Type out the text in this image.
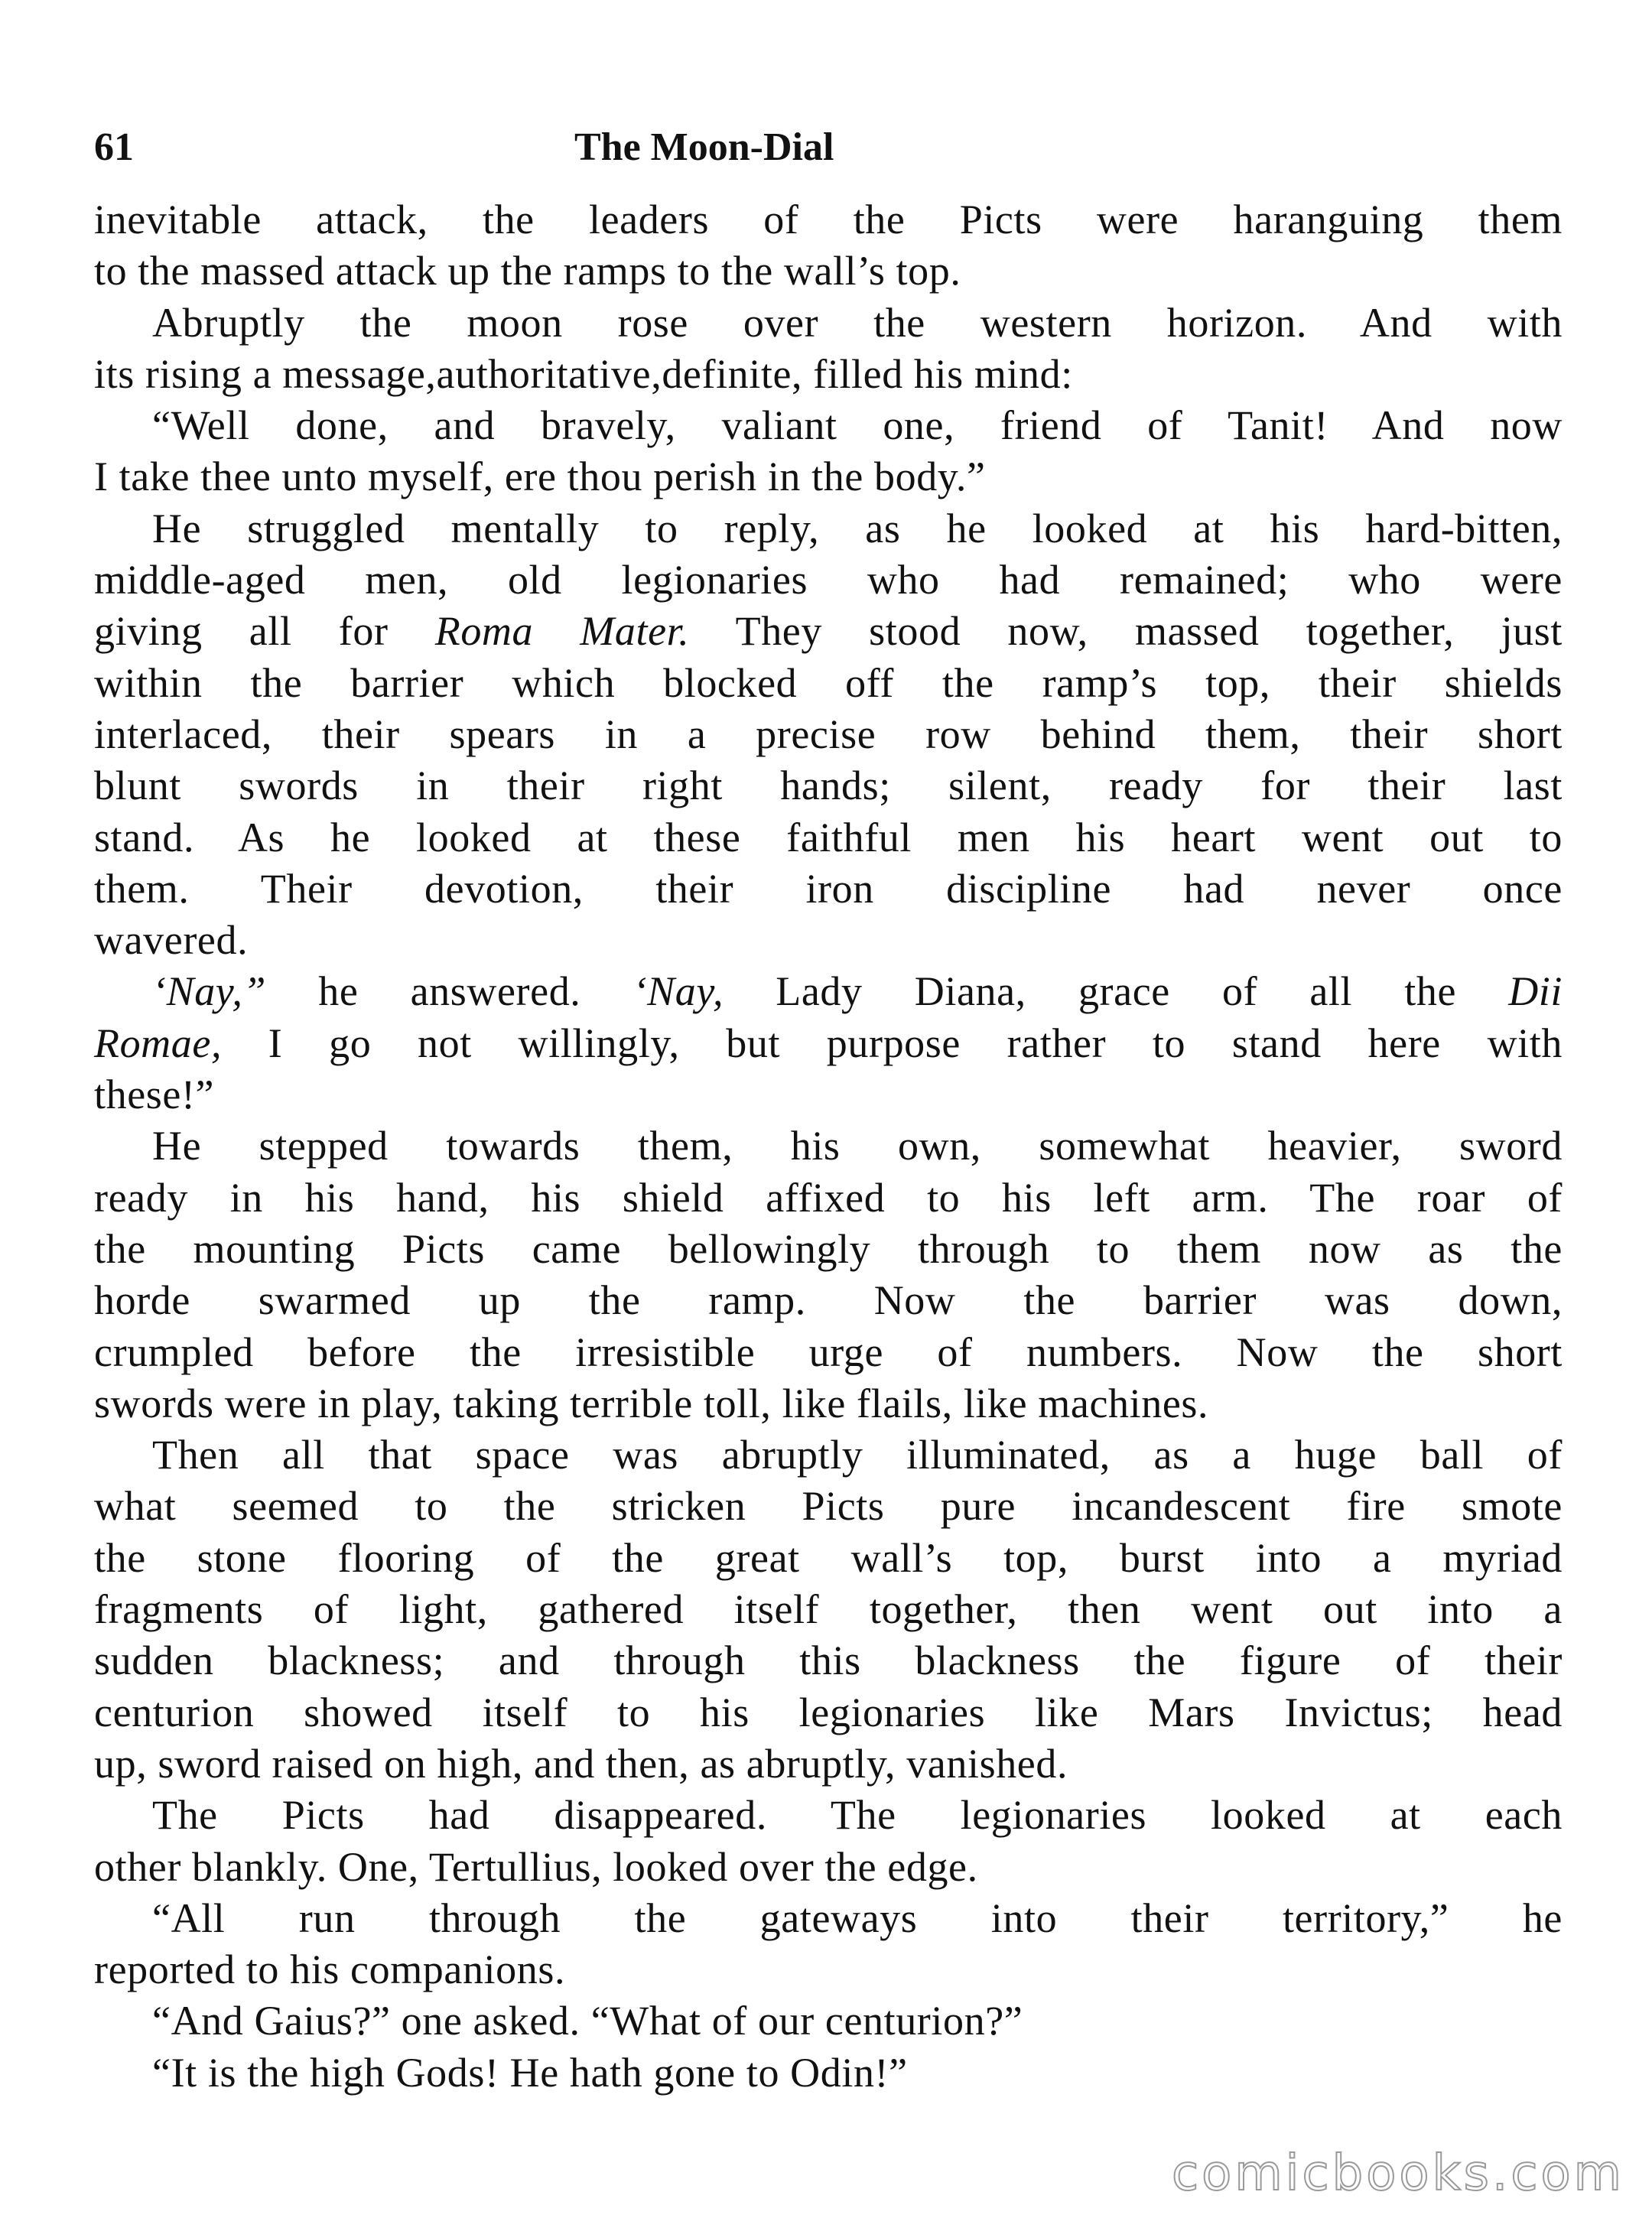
61	The Moon-Dial
inevitable attack, the leaders of the Picts were haranguing them
to the massed attack up the ramps to the wall’s top.
Abruptly the moon rose over the western horizon. And with
its rising a message,authoritative,definite, filled his mind:
“Well done, and bravely, valiant one, friend of Tanit! And now
I take thee unto myself, ere thou perish in the body.”
He struggled mentally to reply, as he looked at his hard-bitten,
middle-aged men, old legionaries who had remained; who were
giving all for Roma Mater. They stood now, massed together, just
within the barrier which blocked off the ramp’s top, their shields
interlaced, their spears in a precise row behind them, their short
blunt swords in their right hands; silent, ready for their last
stand. As he looked at these faithful men his heart went out to
them. Their devotion, their iron discipline had never once
wavered.
‘Nay,” he answered. ‘Nay, Lady Diana, grace of all the Dii
Romae, I go not willingly, but purpose rather to stand here with
these!”
He stepped towards them, his own, somewhat heavier, sword
ready in his hand, his shield affixed to his left arm. The roar of
the mounting Picts came bellowingly through to them now as the
horde swarmed up the ramp. Now the barrier was down,
crumpled before the irresistible urge of numbers. Now the short
swords were in play, taking terrible toll, like flails, like machines.
Then all that space was abruptly illuminated, as a huge ball of
what seemed to the stricken Picts pure incandescent fire smote
the stone flooring of the great wall’s top, burst into a myriad
fragments of light, gathered itself together, then went out into a
sudden blackness; and through this blackness the figure of their
centurion showed itself to his legionaries like Mars Invictus; head
up, sword raised on high, and then, as abruptly, vanished.
The Picts had disappeared. The legionaries looked at each
other blankly. One, Tertullius, looked over the edge.
“All run through the gateways into their territory,” he
reported to his companions.
“And Gaius?” one asked. “What of our centurion?”
“It is the high Gods! He hath gone to Odin!”
comicbooks.com
